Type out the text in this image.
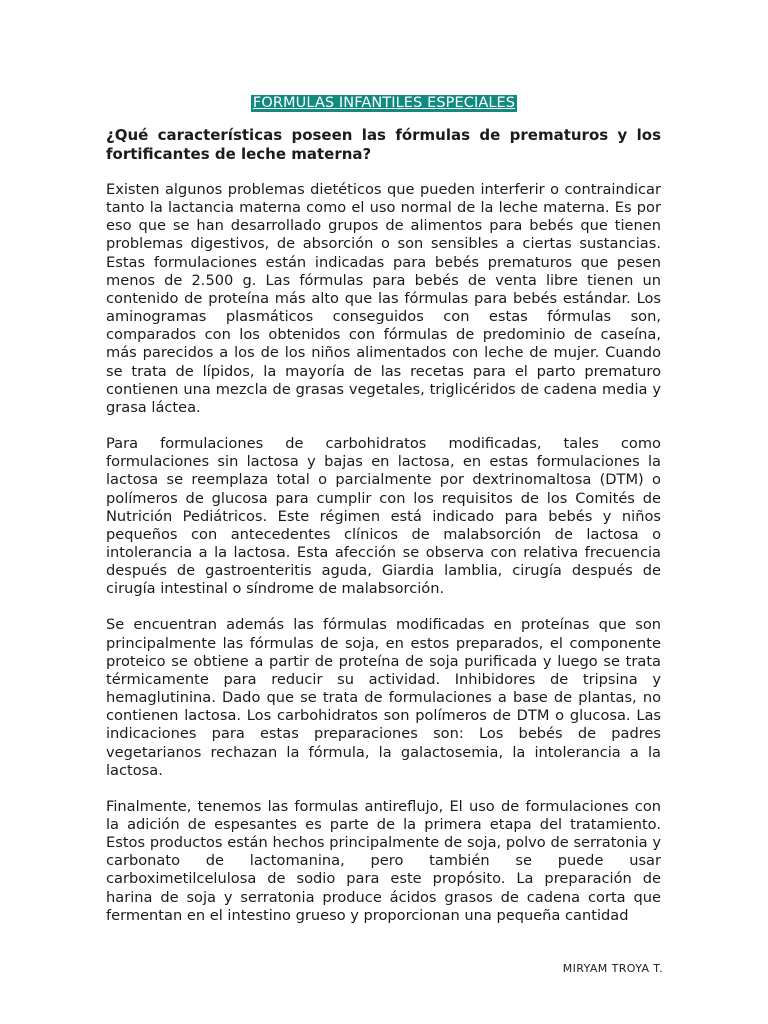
FORMULAS INFANTILES ESPECIALES

¿Qué características poseen las fórmulas de prematuros y los fortificantes de leche materna?

Existen algunos problemas dietéticos que pueden interferir o contraindicar tanto la lactancia materna como el uso normal de la leche materna. Es por eso que se han desarrollado grupos de alimentos para bebés que tienen problemas digestivos, de absorción o son sensibles a ciertas sustancias. Estas formulaciones están indicadas para bebés prematuros que pesen menos de 2.500 g. Las fórmulas para bebés de venta libre tienen un contenido de proteína más alto que las fórmulas para bebés estándar. Los aminogramas plasmáticos conseguidos con estas fórmulas son, comparados con los obtenidos con fórmulas de predominio de caseína, más parecidos a los de los niños alimentados con leche de mujer. Cuando se trata de lípidos, la mayoría de las recetas para el parto prematuro contienen una mezcla de grasas vegetales, triglicéridos de cadena media y grasa láctea.

Para formulaciones de carbohidratos modificadas, tales como formulaciones sin lactosa y bajas en lactosa, en estas formulaciones la lactosa se reemplaza total o parcialmente por dextrinomaltosa (DTM) o polímeros de glucosa para cumplir con los requisitos de los Comités de Nutrición Pediátricos. Este régimen está indicado para bebés y niños pequeños con antecedentes clínicos de malabsorción de lactosa o intolerancia a la lactosa. Esta afección se observa con relativa frecuencia después de gastroenteritis aguda, Giardia lamblia, cirugía después de cirugía intestinal o síndrome de malabsorción.

Se encuentran además las fórmulas modificadas en proteínas que son principalmente las fórmulas de soja, en estos preparados, el componente proteico se obtiene a partir de proteína de soja purificada y luego se trata térmicamente para reducir su actividad. Inhibidores de tripsina y hemaglutinina. Dado que se trata de formulaciones a base de plantas, no contienen lactosa. Los carbohidratos son polímeros de DTM o glucosa. Las indicaciones para estas preparaciones son: Los bebés de padres vegetarianos rechazan la fórmula, la galactosemia, la intolerancia a la lactosa.

Finalmente, tenemos las formulas antireflujo, El uso de formulaciones con la adición de espesantes es parte de la primera etapa del tratamiento. Estos productos están hechos principalmente de soja, polvo de serratonia y carbonato de lactomanina, pero también se puede usar carboximetilcelulosa de sodio para este propósito. La preparación de harina de soja y serratonia produce ácidos grasos de cadena corta que fermentan en el intestino grueso y proporcionan una pequeña cantidad

MIRYAM TROYA T.
